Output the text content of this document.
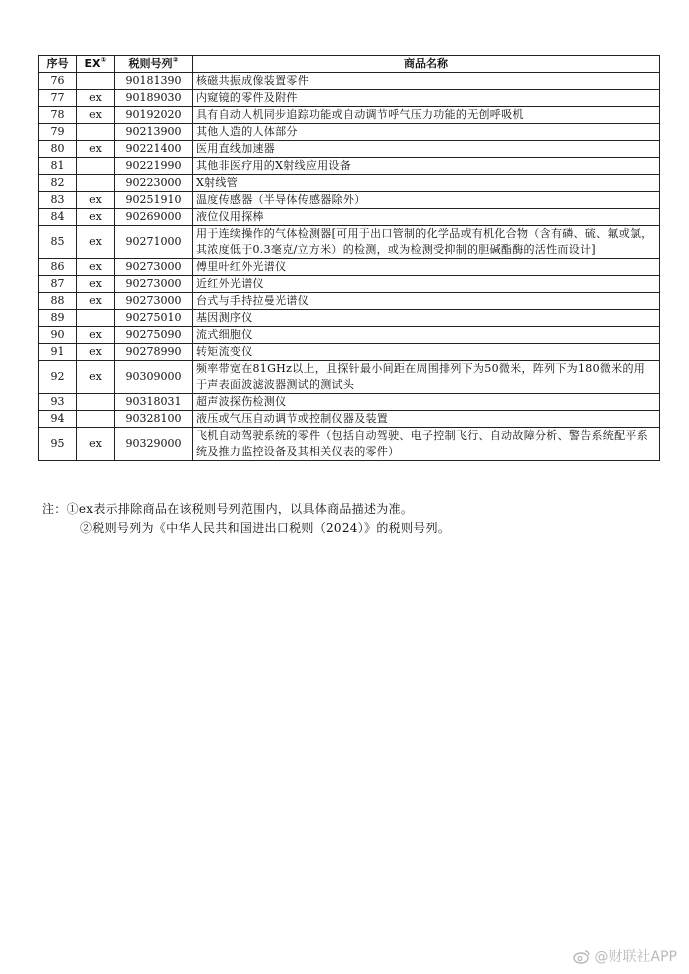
序号	EX①	税则号列②	商品名称
76		90181390	核磁共振成像装置零件
77	ex	90189030	内窥镜的零件及附件
78	ex	90192020	具有自动人机同步追踪功能或自动调节呼气压力功能的无创呼吸机
79		90213900	其他人造的人体部分
80	ex	90221400	医用直线加速器
81		90221990	其他非医疗用的X射线应用设备
82		90223000	X射线管
83	ex	90251910	温度传感器（半导体传感器除外）
84	ex	90269000	液位仪用探棒
85	ex	90271000	用于连续操作的气体检测器[可用于出口管制的化学品或有机化合物（含有磷、硫、氟或氯，其浓度低于0.3毫克/立方米）的检测，或为检测受抑制的胆碱酯酶的活性而设计]
86	ex	90273000	傅里叶红外光谱仪
87	ex	90273000	近红外光谱仪
88	ex	90273000	台式与手持拉曼光谱仪
89		90275010	基因测序仪
90	ex	90275090	流式细胞仪
91	ex	90278990	转矩流变仪
92	ex	90309000	频率带宽在81GHz以上，且探针最小间距在周围排列下为50微米，阵列下为180微米的用于声表面波滤波器测试的测试头
93		90318031	超声波探伤检测仪
94		90328100	液压或气压自动调节或控制仪器及装置
95	ex	90329000	飞机自动驾驶系统的零件（包括自动驾驶、电子控制飞行、自动故障分析、警告系统配平系统及推力监控设备及其相关仪表的零件）
注：①ex表示排除商品在该税则号列范围内，以具体商品描述为准。
②税则号列为《中华人民共和国进出口税则（2024）》的税则号列。
@财联社APP
